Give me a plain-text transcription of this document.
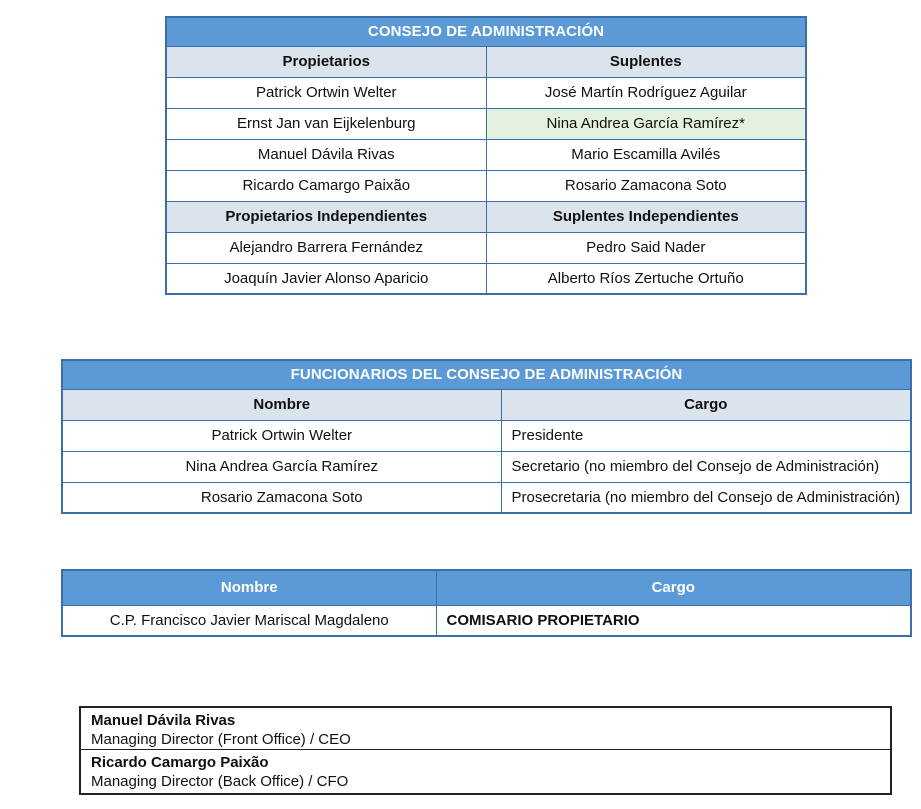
CONSEJO DE ADMINISTRACIÓN	
Propietarios	Suplentes
Patrick Ortwin Welter	José Martín Rodríguez Aguilar
Ernst Jan van Eijkelenburg	Nina Andrea García Ramírez*
Manuel Dávila Rivas	Mario Escamilla Avilés
Ricardo Camargo Paixão	Rosario Zamacona Soto
Propietarios Independientes	Suplentes Independientes
Alejandro Barrera Fernández	Pedro Said Nader
Joaquín Javier Alonso Aparicio	Alberto Ríos Zertuche Ortuño
FUNCIONARIOS DEL CONSEJO DE ADMINISTRACIÓN	
Nombre	Cargo
Patrick Ortwin Welter	Presidente
Nina Andrea García Ramírez	Secretario (no miembro del Consejo de Administración)
Rosario Zamacona Soto	Prosecretaria (no miembro del Consejo de Administración)
Nombre	Cargo
C.P. Francisco Javier Mariscal Magdaleno	COMISARIO PROPIETARIO
Manuel Dávila Rivas
Managing Director (Front Office) / CEO
Ricardo Camargo Paixão
Managing Director (Back Office) / CFO
